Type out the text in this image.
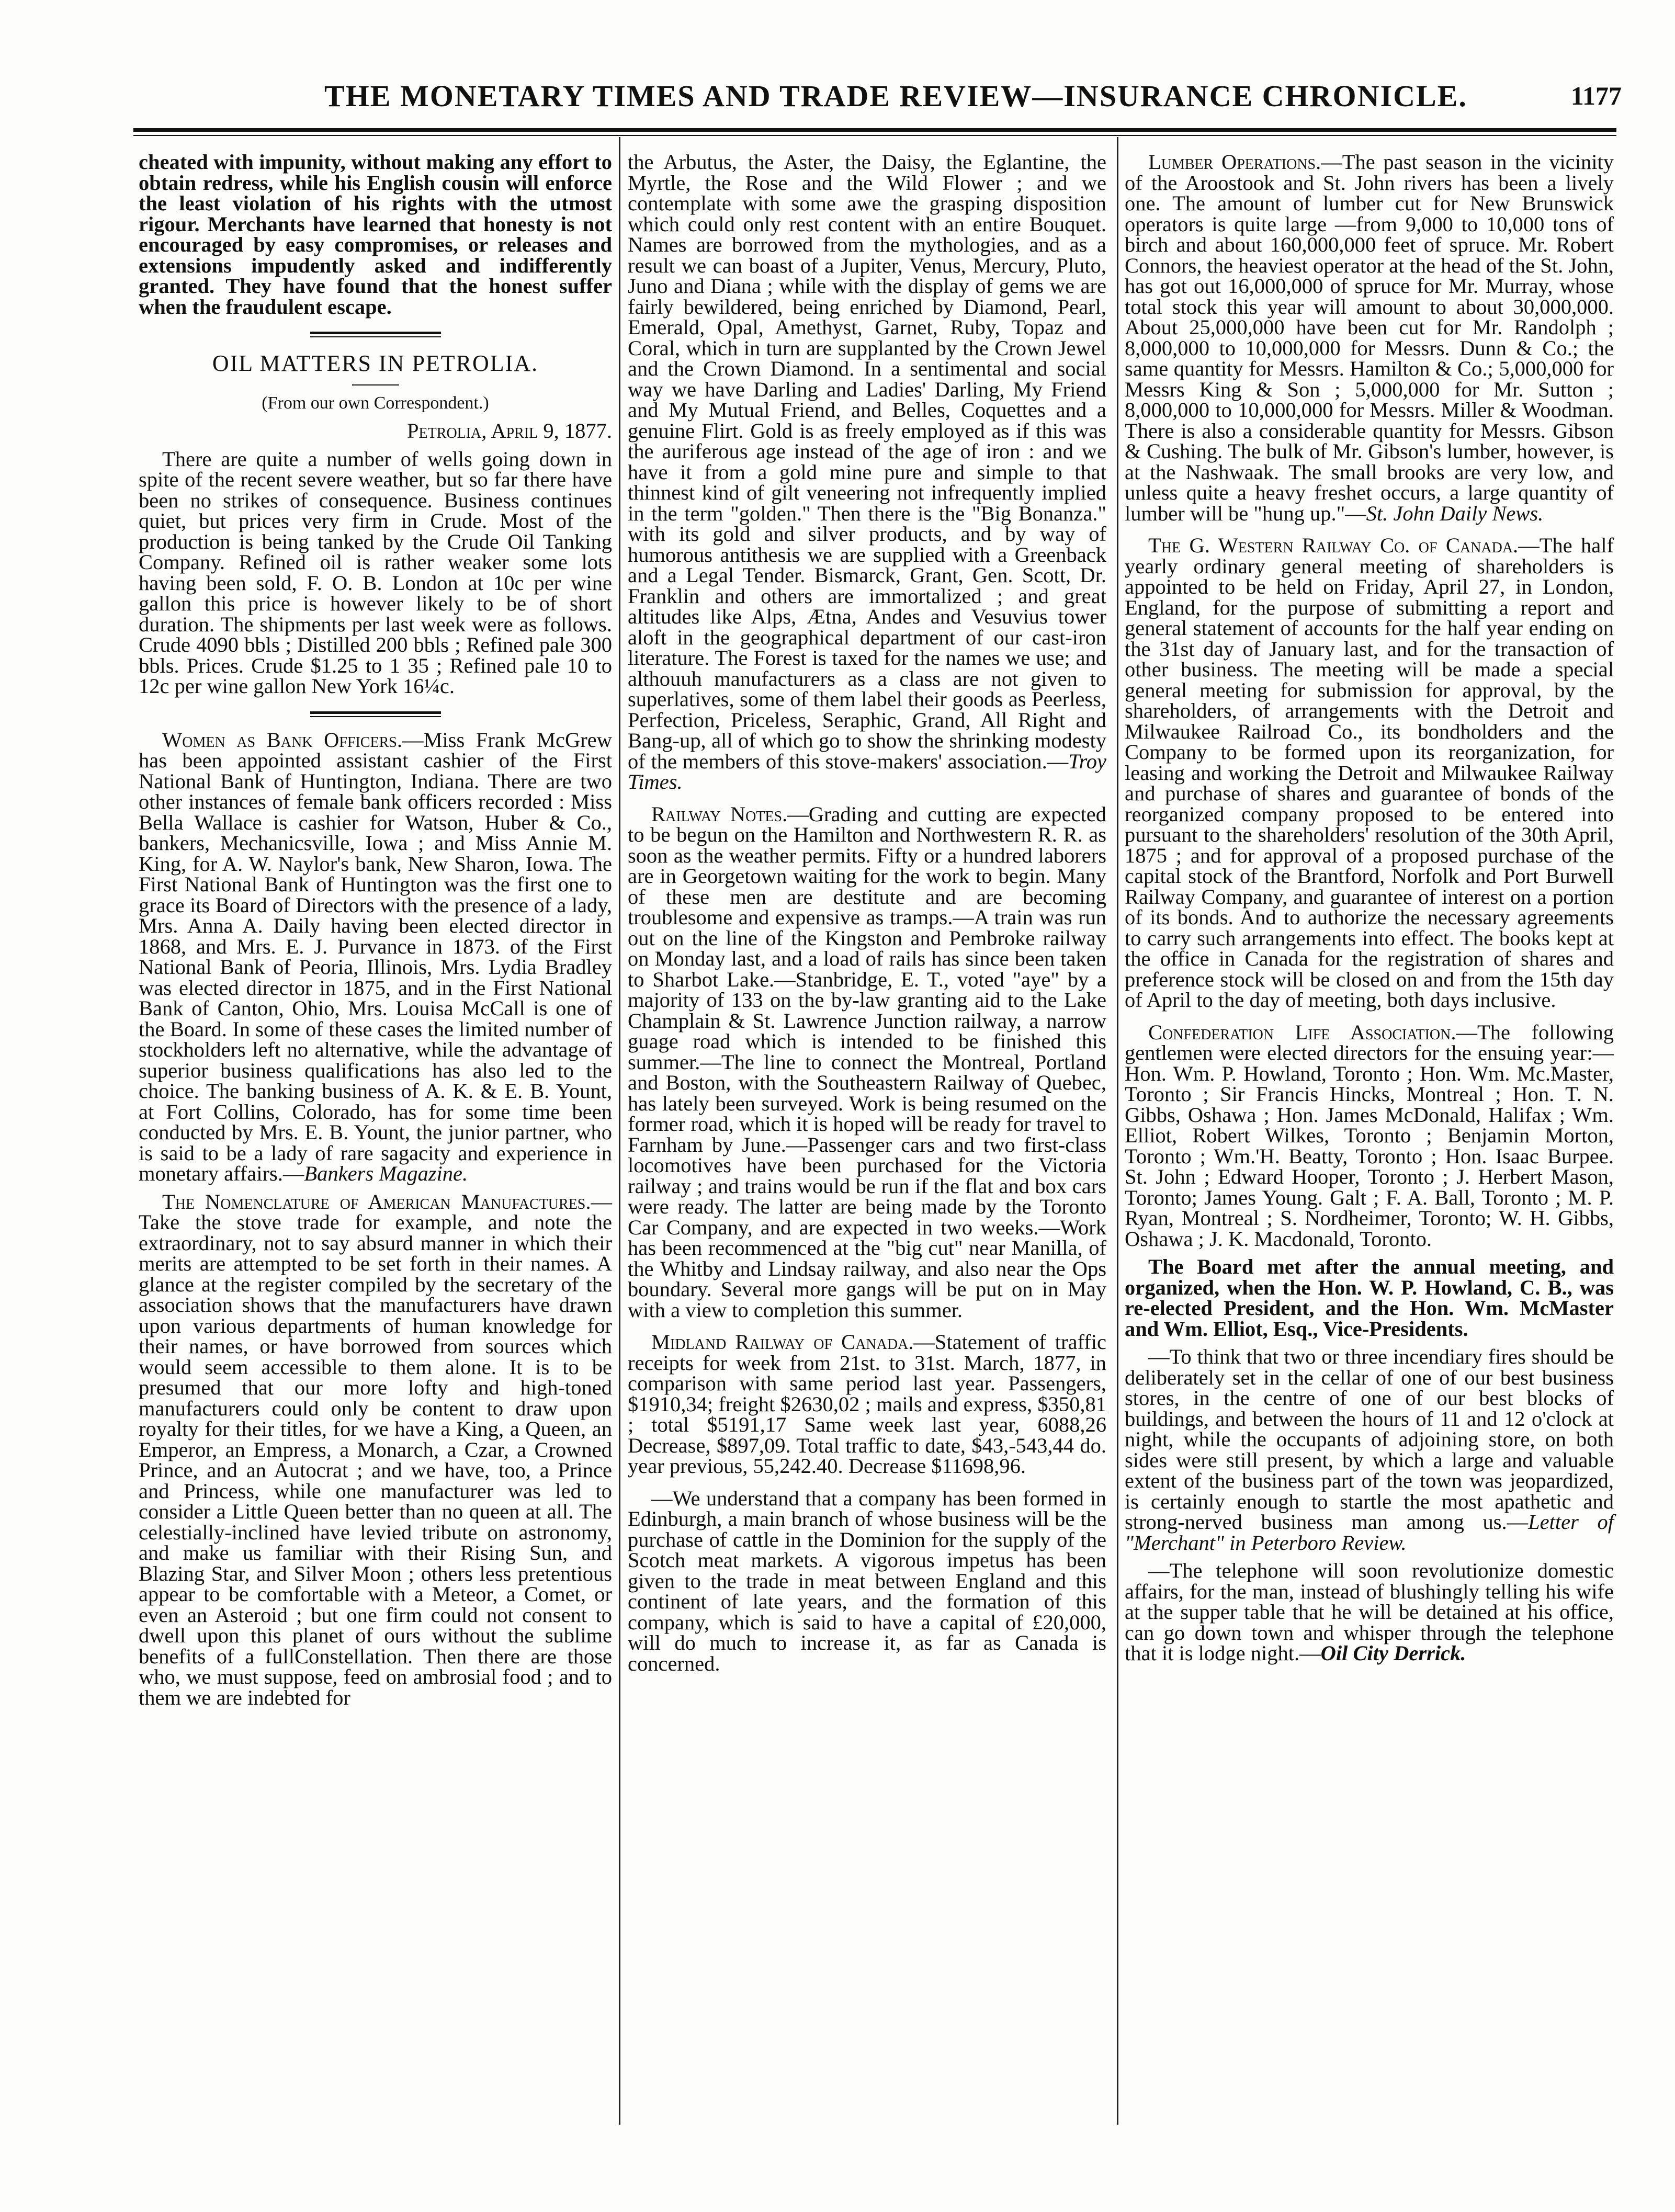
THE MONETARY TIMES AND TRADE REVIEW—INSURANCE CHRONICLE.	1177

cheated with impunity, without making any effort to obtain redress, while his English cousin will enforce the least violation of his rights with the utmost rigour. Merchants have learned that honesty is not encouraged by easy compromises, or releases and extensions impudently asked and indifferently granted. They have found that the honest suffer when the fraudulent escape.

OIL MATTERS IN PETROLIA.

(From our own Correspondent.)

Petrolia, April 9, 1877.

There are quite a number of wells going down in spite of the recent severe weather, but so far there have been no strikes of consequence. Business continues quiet, but prices very firm in Crude. Most of the production is being tanked by the Crude Oil Tanking Company. Refined oil is rather weaker some lots having been sold, F. O. B. London at 10c per wine gallon this price is however likely to be of short duration. The shipments per last week were as follows. Crude 4090 bbls ; Distilled 200 bbls ; Refined pale 300 bbls. Prices. Crude $1.25 to 1 35 ; Refined pale 10 to 12c per wine gallon New York 16¼c.

Women as Bank Officers.—Miss Frank McGrew has been appointed assistant cashier of the First National Bank of Huntington, Indiana. There are two other instances of female bank officers recorded : Miss Bella Wallace is cashier for Watson, Huber & Co., bankers, Mechanicsville, Iowa ; and Miss Annie M. King, for A. W. Naylor's bank, New Sharon, Iowa. The First National Bank of Huntington was the first one to grace its Board of Directors with the presence of a lady, Mrs. Anna A. Daily having been elected director in 1868, and Mrs. E. J. Purvance in 1873. of the First National Bank of Peoria, Illinois, Mrs. Lydia Bradley was elected director in 1875, and in the First National Bank of Canton, Ohio, Mrs. Louisa McCall is one of the Board. In some of these cases the limited number of stockholders left no alternative, while the advantage of superior business qualifications has also led to the choice. The banking business of A. K. & E. B. Yount, at Fort Collins, Colorado, has for some time been conducted by Mrs. E. B. Yount, the junior partner, who is said to be a lady of rare sagacity and experience in monetary affairs.—Bankers Magazine.

The Nomenclature of American Manufactures.—Take the stove trade for example, and note the extraordinary, not to say absurd manner in which their merits are attempted to be set forth in their names. A glance at the register compiled by the secretary of the association shows that the manufacturers have drawn upon various departments of human knowledge for their names, or have borrowed from sources which would seem accessible to them alone. It is to be presumed that our more lofty and high-toned manufacturers could only be content to draw upon royalty for their titles, for we have a King, a Queen, an Emperor, an Empress, a Monarch, a Czar, a Crowned Prince, and an Autocrat ; and we have, too, a Prince and Princess, while one manufacturer was led to consider a Little Queen better than no queen at all. The celestially-inclined have levied tribute on astronomy, and make us familiar with their Rising Sun, and Blazing Star, and Silver Moon ; others less pretentious appear to be comfortable with a Meteor, a Comet, or even an Asteroid ; but one firm could not consent to dwell upon this planet of ours without the sublime benefits of a fullConstellation. Then there are those who, we must suppose, feed on ambrosial food ; and to them we are indebted for

the Arbutus, the Aster, the Daisy, the Eglantine, the Myrtle, the Rose and the Wild Flower ; and we contemplate with some awe the grasping disposition which could only rest content with an entire Bouquet. Names are borrowed from the mythologies, and as a result we can boast of a Jupiter, Venus, Mercury, Pluto, Juno and Diana ; while with the display of gems we are fairly bewildered, being enriched by Diamond, Pearl, Emerald, Opal, Amethyst, Garnet, Ruby, Topaz and Coral, which in turn are supplanted by the Crown Jewel and the Crown Diamond. In a sentimental and social way we have Darling and Ladies' Darling, My Friend and My Mutual Friend, and Belles, Coquettes and a genuine Flirt. Gold is as freely employed as if this was the auriferous age instead of the age of iron : and we have it from a gold mine pure and simple to that thinnest kind of gilt veneering not infrequently implied in the term "golden." Then there is the "Big Bonanza." with its gold and silver products, and by way of humorous antithesis we are supplied with a Greenback and a Legal Tender. Bismarck, Grant, Gen. Scott, Dr. Franklin and others are immortalized ; and great altitudes like Alps, Ætna, Andes and Vesuvius tower aloft in the geographical department of our cast-iron literature. The Forest is taxed for the names we use; and althouuh manufacturers as a class are not given to superlatives, some of them label their goods as Peerless, Perfection, Priceless, Seraphic, Grand, All Right and Bang-up, all of which go to show the shrinking modesty of the members of this stove-makers' association.—Troy Times.

Railway Notes.—Grading and cutting are expected to be begun on the Hamilton and Northwestern R. R. as soon as the weather permits. Fifty or a hundred laborers are in Georgetown waiting for the work to begin. Many of these men are destitute and are becoming troublesome and expensive as tramps.—A train was run out on the line of the Kingston and Pembroke railway on Monday last, and a load of rails has since been taken to Sharbot Lake.—Stanbridge, E. T., voted "aye" by a majority of 133 on the by-law granting aid to the Lake Champlain & St. Lawrence Junction railway, a narrow guage road which is intended to be finished this summer.—The line to connect the Montreal, Portland and Boston, with the Southeastern Railway of Quebec, has lately been surveyed. Work is being resumed on the former road, which it is hoped will be ready for travel to Farnham by June.—Passenger cars and two first-class locomotives have been purchased for the Victoria railway ; and trains would be run if the flat and box cars were ready. The latter are being made by the Toronto Car Company, and are expected in two weeks.—Work has been recommenced at the "big cut" near Manilla, of the Whitby and Lindsay railway, and also near the Ops boundary. Several more gangs will be put on in May with a view to completion this summer.

Midland Railway of Canada.—Statement of traffic receipts for week from 21st. to 31st. March, 1877, in comparison with same period last year. Passengers, $1910,34; freight $2630,02 ; mails and express, $350,81 ; total $5191,17 Same week last year, 6088,26 Decrease, $897,09. Total traffic to date, $43,-543,44 do. year previous, 55,242.40. Decrease $11698,96.

—We understand that a company has been formed in Edinburgh, a main branch of whose business will be the purchase of cattle in the Dominion for the supply of the Scotch meat markets. A vigorous impetus has been given to the trade in meat between England and this continent of late years, and the formation of this company, which is said to have a capital of £20,000, will do much to increase it, as far as Canada is concerned.

Lumber Operations.—The past season in the vicinity of the Aroostook and St. John rivers has been a lively one. The amount of lumber cut for New Brunswick operators is quite large —from 9,000 to 10,000 tons of birch and about 160,000,000 feet of spruce. Mr. Robert Connors, the heaviest operator at the head of the St. John, has got out 16,000,000 of spruce for Mr. Murray, whose total stock this year will amount to about 30,000,000. About 25,000,000 have been cut for Mr. Randolph ; 8,000,000 to 10,000,000 for Messrs. Dunn & Co.; the same quantity for Messrs. Hamilton & Co.; 5,000,000 for Messrs King & Son ; 5,000,000 for Mr. Sutton ; 8,000,000 to 10,000,000 for Messrs. Miller & Woodman. There is also a considerable quantity for Messrs. Gibson & Cushing. The bulk of Mr. Gibson's lumber, however, is at the Nashwaak. The small brooks are very low, and unless quite a heavy freshet occurs, a large quantity of lumber will be "hung up."—St. John Daily News.

The G. Western Railway Co. of Canada.—The half yearly ordinary general meeting of shareholders is appointed to be held on Friday, April 27, in London, England, for the purpose of submitting a report and general statement of accounts for the half year ending on the 31st day of January last, and for the transaction of other business. The meeting will be made a special general meeting for submission for approval, by the shareholders, of arrangements with the Detroit and Milwaukee Railroad Co., its bondholders and the Company to be formed upon its reorganization, for leasing and working the Detroit and Milwaukee Railway and purchase of shares and guarantee of bonds of the reorganized company proposed to be entered into pursuant to the shareholders' resolution of the 30th April, 1875 ; and for approval of a proposed purchase of the capital stock of the Brantford, Norfolk and Port Burwell Railway Company, and guarantee of interest on a portion of its bonds. And to authorize the necessary agreements to carry such arrangements into effect. The books kept at the office in Canada for the registration of shares and preference stock will be closed on and from the 15th day of April to the day of meeting, both days inclusive.

Confederation Life Association.—The following gentlemen were elected directors for the ensuing year:—Hon. Wm. P. Howland, Toronto ; Hon. Wm. Mc.Master, Toronto ; Sir Francis Hincks, Montreal ; Hon. T. N. Gibbs, Oshawa ; Hon. James McDonald, Halifax ; Wm. Elliot, Robert Wilkes, Toronto ; Benjamin Morton, Toronto ; Wm.'H. Beatty, Toronto ; Hon. Isaac Burpee. St. John ; Edward Hooper, Toronto ; J. Herbert Mason, Toronto; James Young. Galt ; F. A. Ball, Toronto ; M. P. Ryan, Montreal ; S. Nordheimer, Toronto; W. H. Gibbs, Oshawa ; J. K. Macdonald, Toronto.

The Board met after the annual meeting, and organized, when the Hon. W. P. Howland, C. B., was re-elected President, and the Hon. Wm. McMaster and Wm. Elliot, Esq., Vice-Presidents.

—To think that two or three incendiary fires should be deliberately set in the cellar of one of our best business stores, in the centre of one of our best blocks of buildings, and between the hours of 11 and 12 o'clock at night, while the occupants of adjoining store, on both sides were still present, by which a large and valuable extent of the business part of the town was jeopardized, is certainly enough to startle the most apathetic and strong-nerved business man among us.—Letter of "Merchant" in Peterboro Review.

—The telephone will soon revolutionize domestic affairs, for the man, instead of blushingly telling his wife at the supper table that he will be detained at his office, can go down town and whisper through the telephone that it is lodge night.—Oil City Derrick.
